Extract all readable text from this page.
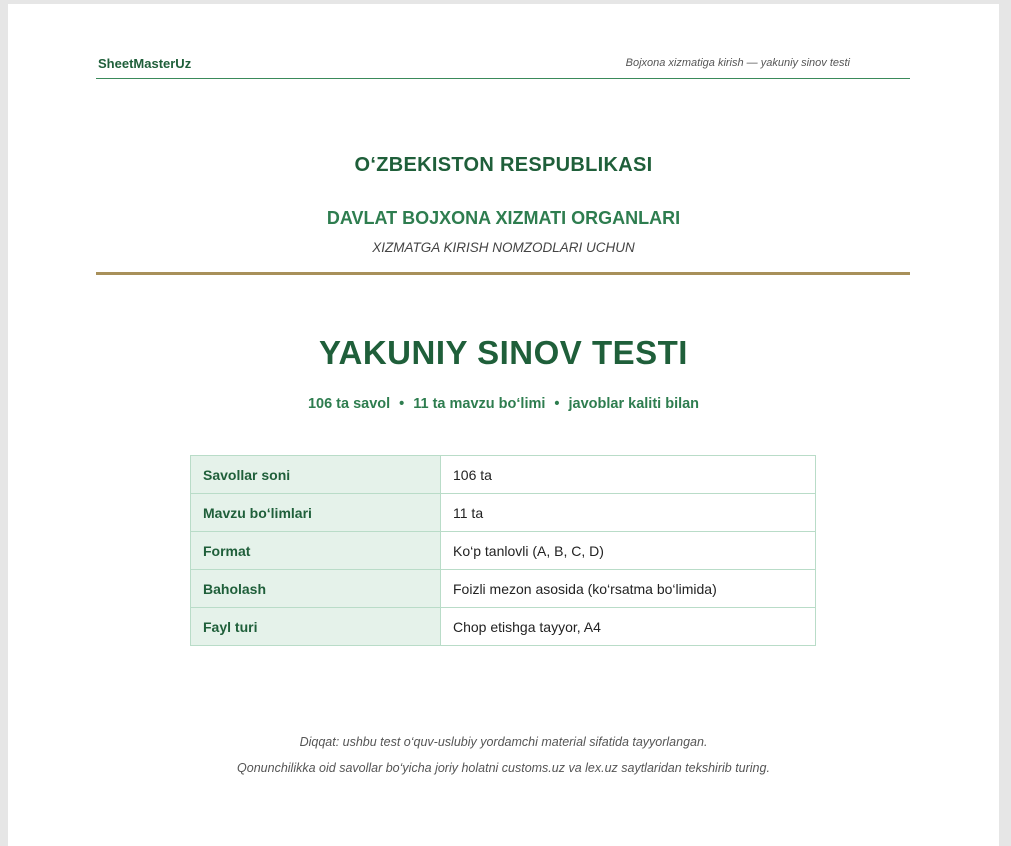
SheetMasterUz	Bojxona xizmatiga kirish — yakuniy sinov testi
O‘ZBEKISTON RESPUBLIKASI
DAVLAT BOJXONA XIZMATI ORGANLARI
XIZMATGA KIRISH NOMZODLARI UCHUN
YAKUNIY SINOV TESTI
106 ta savol • 11 ta mavzu bo‘limi • javoblar kaliti bilan
Savollar soni	106 ta
Mavzu bo‘limlari	11 ta
Format	Ko‘p tanlovli (A, B, C, D)
Baholash	Foizli mezon asosida (ko‘rsatma bo‘limida)
Fayl turi	Chop etishga tayyor, A4
Diqqat: ushbu test o‘quv-uslubiy yordamchi material sifatida tayyorlangan.
Qonunchilikka oid savollar bo‘yicha joriy holatni customs.uz va lex.uz saytlaridan tekshirib turing.
